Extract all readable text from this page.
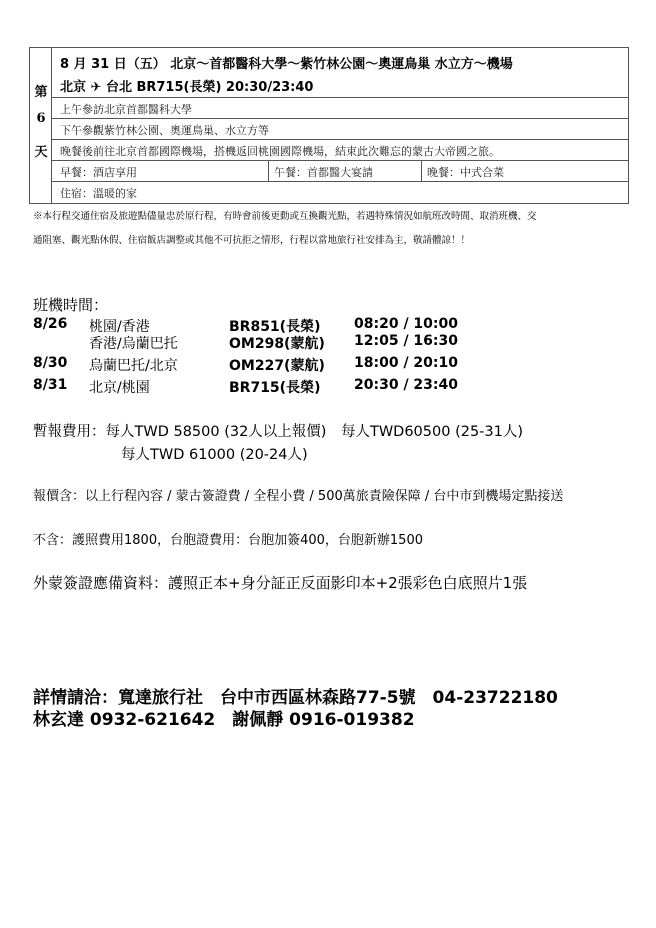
第
6
天
8 月 31 日（五） 北京～首都醫科大學～紫竹林公園～奧運鳥巢 水立方～機場
北京 ✈ 台北 BR715(長榮) 20:30/23:40
上午參訪北京首都醫科大學
下午參觀紫竹林公園、奧運鳥巢、水立方等
晚餐後前往北京首都國際機場，搭機返回桃園國際機場，結束此次難忘的蒙古大帝國之旅。
早餐：酒店享用	午餐：首都醫大宴請	晚餐：中式合菜
住宿：溫暖的家
※本行程交通住宿及旅遊點儘量忠於原行程，有時會前後更動或互換觀光點，若遇特殊情況如航班改時間、取消班機、交
通阻塞、觀光點休假、住宿飯店調整或其他不可抗拒之情形，行程以當地旅行社安排為主，敬請體諒！！
班機時間：
8/26 桃園/香港	BR851(長榮) 08:20 / 10:00
香港/烏蘭巴托	OM298(蒙航) 12:05 / 16:30
8/30 烏蘭巴托/北京	OM227(蒙航) 18:00 / 20:10
8/31 北京/桃園	BR715(長榮) 20:30 / 23:40
暫報費用：每人TWD 58500 (32人以上報價)　每人TWD60500 (25-31人)
每人TWD 61000 (20-24人)
報價含：以上行程內容 / 蒙古簽證費 / 全程小費 / 500萬旅責險保障 / 台中市到機場定點接送
不含：護照費用1800，台胞證費用：台胞加簽400，台胞新辦1500
外蒙簽證應備資料：護照正本+身分証正反面影印本+2張彩色白底照片1張
詳情請洽：寬達旅行社　台中市西區林森路77-5號　04-23722180
林玄達 0932-621642　謝佩靜 0916-019382
